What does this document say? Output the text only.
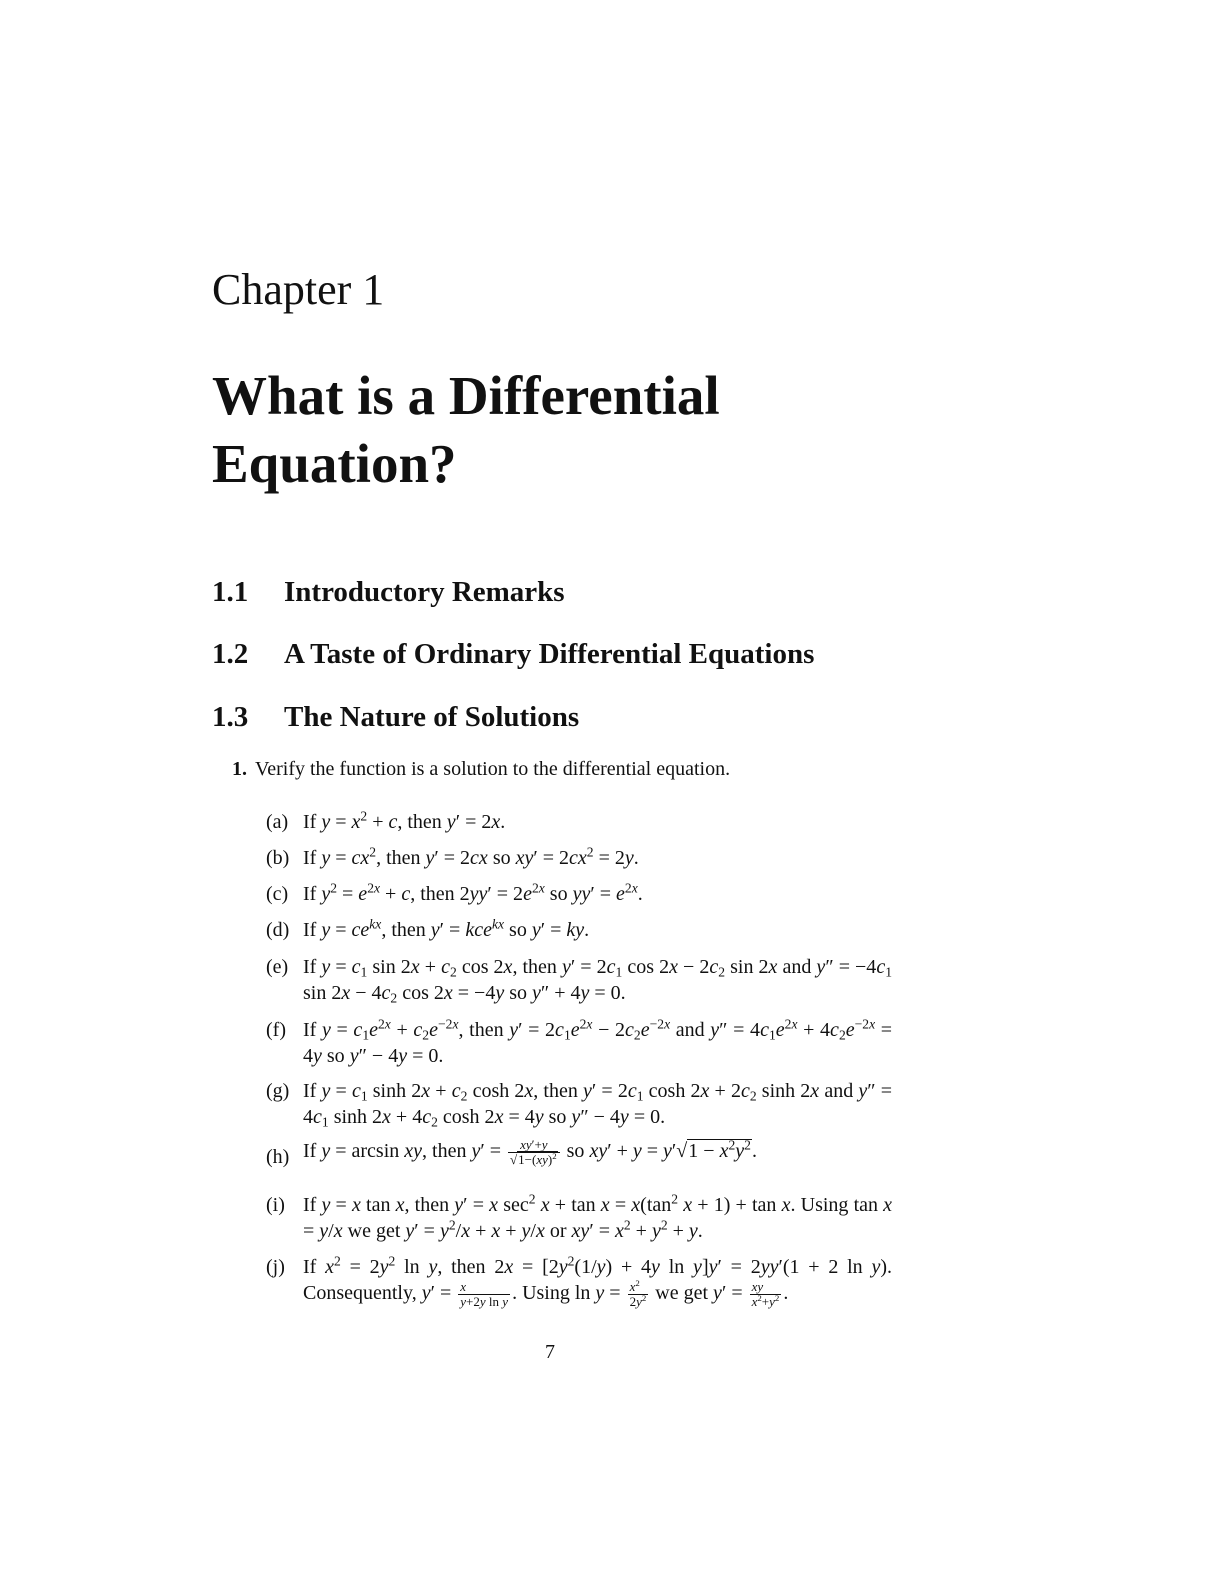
Chapter 1
What is a Differential Equation?
1.1 Introductory Remarks
1.2 A Taste of Ordinary Differential Equations
1.3 The Nature of Solutions
1. Verify the function is a solution to the differential equation.
(a) If $y = x^2 + c$, then y′ = 2x.
(b) If $y = cx^2$, then y′ = 2cx so $xy' = 2cx^2 = 2y$.
(c) If $y^2 = e^{2x} + c$, then $2yy' = 2e^{2x}$ so $yy' = e^{2x}$.
(d) If $y = ce^{kx}$, then y′ = kce$^{kx}$ so y′ = ky.
(e) If $y = c_1$ $\sin 2x + c_2$ cos 2x, then $y' = 2c_1$ $\cos 2x - 2c_2$ sin 2x and $y'' = -4c_1$ $\sin 2x - 4c_2$ cos 2x = −4y so y″ + 4y = 0.
(f) If $y = c_1e^{2x} + c_2e^{-2x}$, then $y' = 2c_1e^{2x} - 2c_2e^{-2x}$ and $y'' = 4c_1e^{2x} + 4c_2e^{-2x} = 4y$ so y″ − 4y = 0.
(g) If $y = c_1$ $\sinh 2x + c_2$ cosh 2x, then $y' = 2c_1$ $\cosh 2x + 2c_2$ sinh 2x and $y'' = 4c_1$ $\sinh 2x + 4c_2$ cosh 2x = 4y so y″ − 4y = 0.
(h) If y = arcsin xy, then $y' = \frac{xy'+y}{√1-(xy)^2}$ so $xy' + y = y'√1 - x^2y^2$.
(i) If y = x tan x, then y′ = x $\sec^2 x + \tan x = x(\tan^2$ x + 1) + tan x. Using tan x = y/x we get $y' = y^2/x + x + y/x$ or $xy' = x^2 + y^2 + y$.
(j) If $x^2 = 2y^2$ ln y, then $2x = [2y^2(1/y) + 4y$ ln y]y′ = 2yy′(1 + 2 ln y). Consequently, $y' = \frac{x}{\text{y+2y ln y}}$ . Using $\ln y = \frac{x^2}{2y^2}$ we get $y' = \frac{xy}{x^2+y^2}$ .
7
